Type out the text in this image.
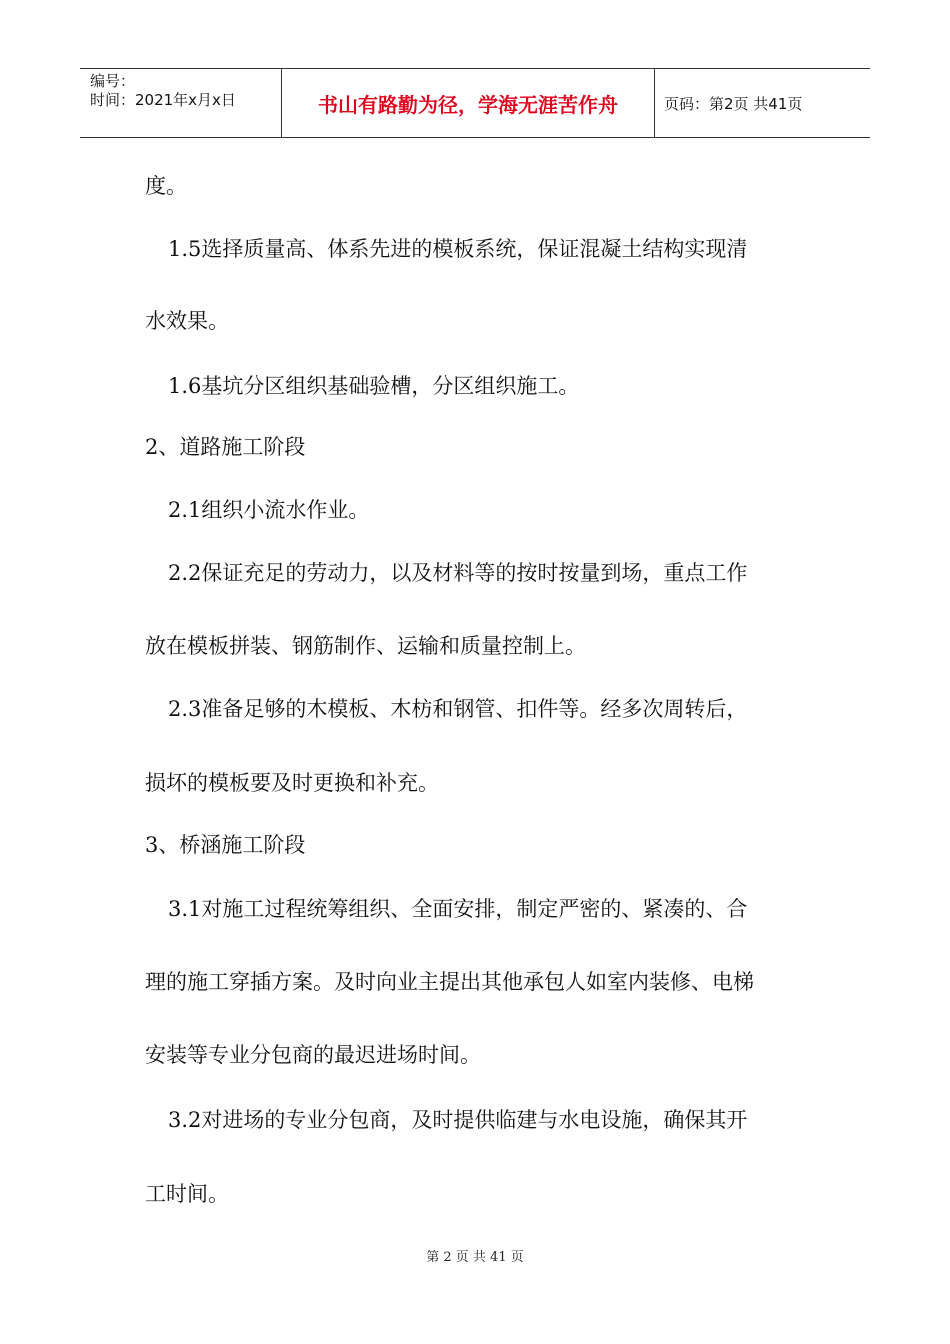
编号：
时间：2021年x月x日	书山有路勤为径，学海无涯苦作舟	页码：第2页 共41页
度。
1.5选择质量高、体系先进的模板系统，保证混凝土结构实现清
水效果。
1.6基坑分区组织基础验槽，分区组织施工。
2、道路施工阶段
2.1组织小流水作业。
2.2保证充足的劳动力，以及材料等的按时按量到场，重点工作
放在模板拼装、钢筋制作、运输和质量控制上。
2.3准备足够的木模板、木枋和钢管、扣件等。经多次周转后，
损坏的模板要及时更换和补充。
3、桥涵施工阶段
3.1对施工过程统筹组织、全面安排，制定严密的、紧凑的、合
理的施工穿插方案。及时向业主提出其他承包人如室内装修、电梯
安装等专业分包商的最迟进场时间。
3.2对进场的专业分包商，及时提供临建与水电设施，确保其开
工时间。
第 2 页 共 41 页
